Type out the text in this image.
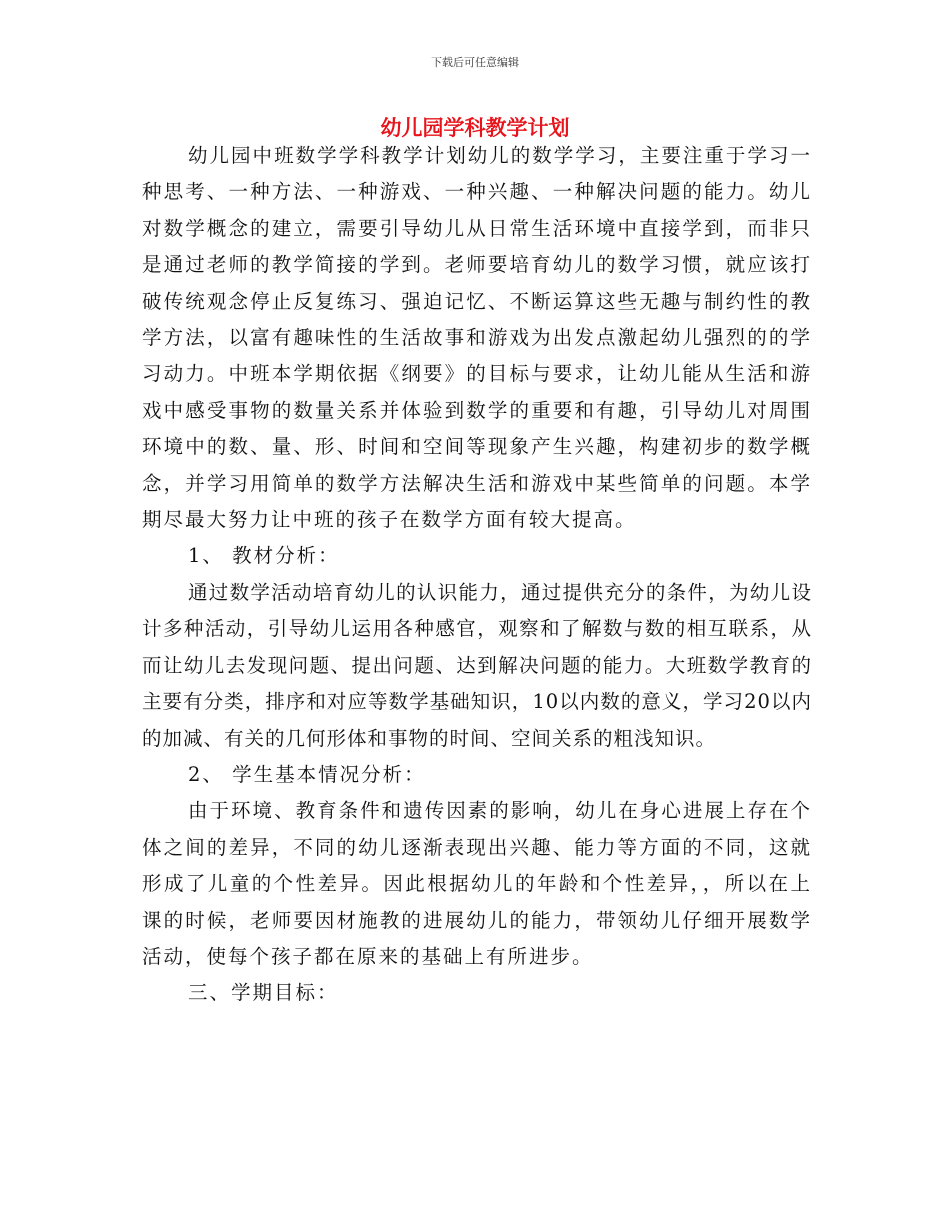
下载后可任意编辑
幼儿园学科教学计划

幼儿园中班数学学科教学计划幼儿的数学学习，主要注重于学习一种思考、一种方法、一种游戏、一种兴趣、一种解决问题的能力。幼儿对数学概念的建立，需要引导幼儿从日常生活环境中直接学到，而非只是通过老师的教学简接的学到。老师要培育幼儿的数学习惯，就应该打破传统观念停止反复练习、强迫记忆、不断运算这些无趣与制约性的教学方法，以富有趣味性的生活故事和游戏为出发点激起幼儿强烈的的学习动力。中班本学期依据《纲要》的目标与要求，让幼儿能从生活和游戏中感受事物的数量关系并体验到数学的重要和有趣，引导幼儿对周围环境中的数、量、形、时间和空间等现象产生兴趣，构建初步的数学概念，并学习用简单的数学方法解决生活和游戏中某些简单的问题。本学期尽最大努力让中班的孩子在数学方面有较大提高。

1、 教材分析：

通过数学活动培育幼儿的认识能力，通过提供充分的条件，为幼儿设计多种活动，引导幼儿运用各种感官，观察和了解数与数的相互联系，从而让幼儿去发现问题、提出问题、达到解决问题的能力。大班数学教育的主要有分类，排序和对应等数学基础知识，10以内数的意义，学习20以内的加减、有关的几何形体和事物的时间、空间关系的粗浅知识。

2、 学生基本情况分析：

由于环境、教育条件和遗传因素的影响，幼儿在身心进展上存在个体之间的差异，不同的幼儿逐渐表现出兴趣、能力等方面的不同，这就形成了儿童的个性差异。因此根据幼儿的年龄和个性差异，，所以在上课的时候，老师要因材施教的进展幼儿的能力，带领幼儿仔细开展数学活动，使每个孩子都在原来的基础上有所进步。

三、学期目标：
